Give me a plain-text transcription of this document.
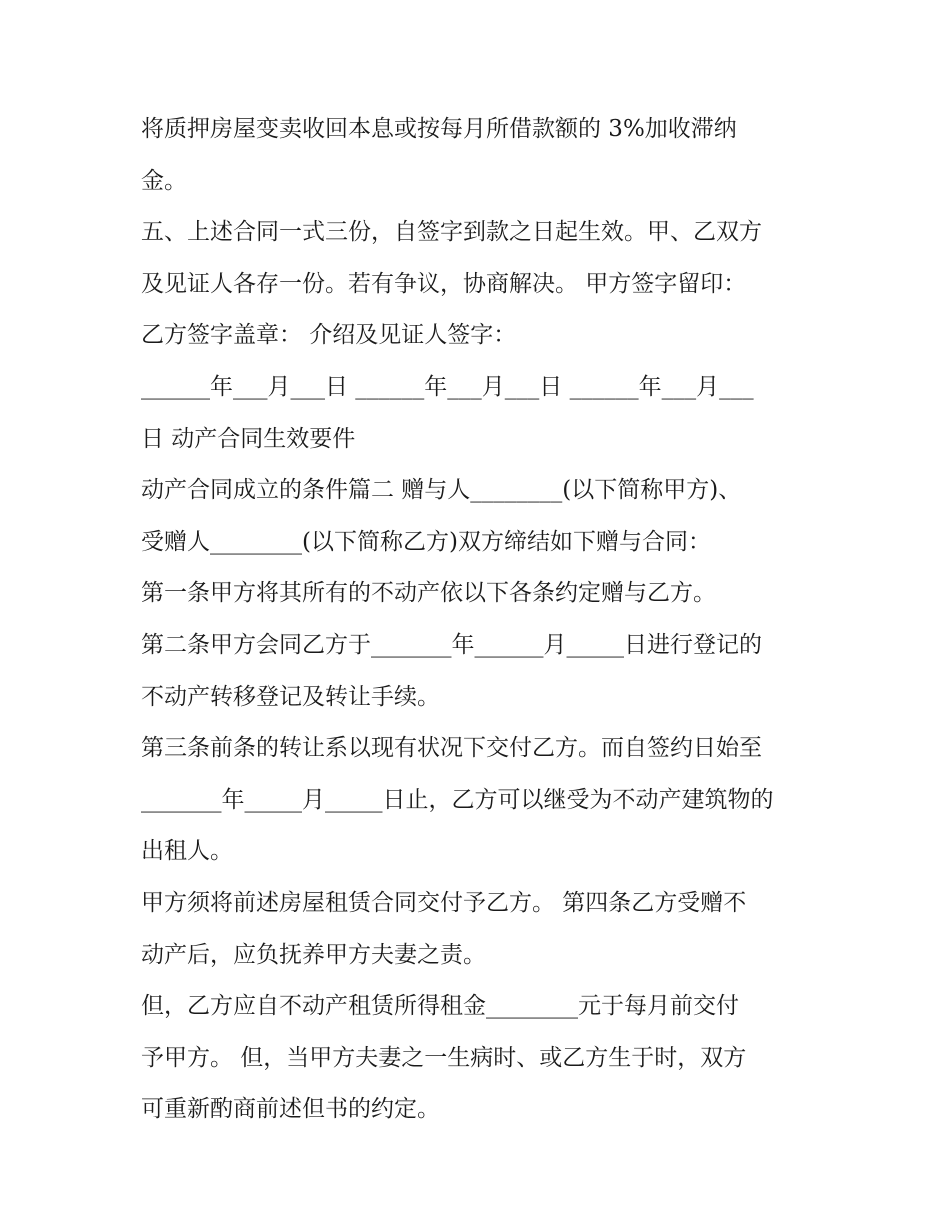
将质押房屋变卖收回本息或按每月所借款额的 3%加收滞纳
金。
五、上述合同一式三份，自签字到款之日起生效。甲、乙双方
及见证人各存一份。若有争议，协商解决。 甲方签字留印：
乙方签字盖章： 介绍及见证人签字：
______年___月___日 ______年___月___日 ______年___月___
日 动产合同生效要件
动产合同成立的条件篇二 赠与人________(以下简称甲方)、
受赠人________(以下简称乙方)双方缔结如下赠与合同：
第一条甲方将其所有的不动产依以下各条约定赠与乙方。
第二条甲方会同乙方于_______年______月_____日进行登记的
不动产转移登记及转让手续。
第三条前条的转让系以现有状况下交付乙方。而自签约日始至
_______年_____月_____日止，乙方可以继受为不动产建筑物的
出租人。
甲方须将前述房屋租赁合同交付予乙方。 第四条乙方受赠不
动产后，应负抚养甲方夫妻之责。
但，乙方应自不动产租赁所得租金________元于每月前交付
予甲方。 但，当甲方夫妻之一生病时、或乙方生于时，双方
可重新酌商前述但书的约定。
